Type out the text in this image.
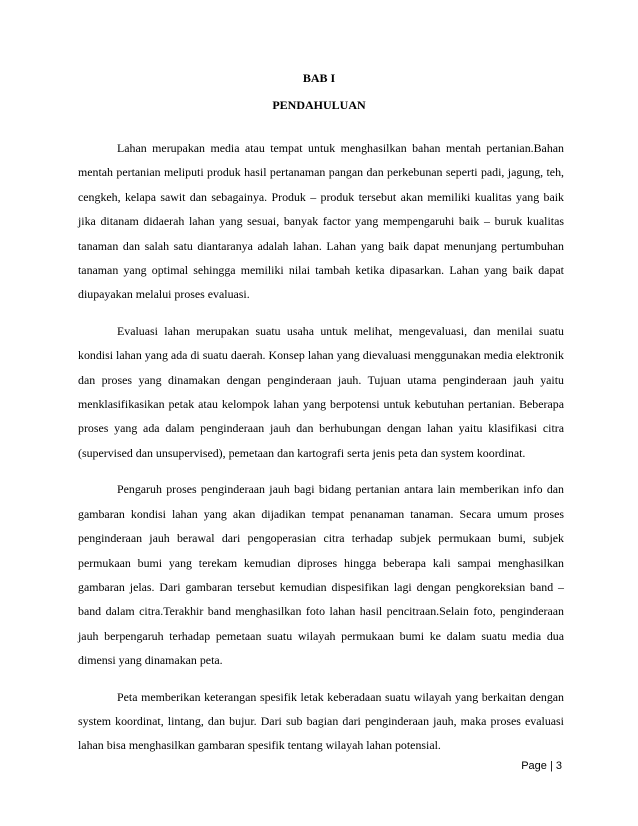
BAB I

PENDAHULUAN

Lahan merupakan media atau tempat untuk menghasilkan bahan mentah pertanian.Bahan mentah pertanian meliputi produk hasil pertanaman pangan dan perkebunan seperti padi, jagung, teh, cengkeh, kelapa sawit dan sebagainya. Produk – produk tersebut akan memiliki kualitas yang baik jika ditanam didaerah lahan yang sesuai, banyak factor yang mempengaruhi baik – buruk kualitas tanaman dan salah satu diantaranya adalah lahan. Lahan yang baik dapat menunjang pertumbuhan tanaman yang optimal sehingga memiliki nilai tambah ketika dipasarkan. Lahan yang baik dapat diupayakan melalui proses evaluasi.

Evaluasi lahan merupakan suatu usaha untuk melihat, mengevaluasi, dan menilai suatu kondisi lahan yang ada di suatu daerah. Konsep lahan yang dievaluasi menggunakan media elektronik dan proses yang dinamakan dengan penginderaan jauh. Tujuan utama penginderaan jauh yaitu menklasifikasikan petak atau kelompok lahan yang berpotensi untuk kebutuhan pertanian. Beberapa proses yang ada dalam penginderaan jauh dan berhubungan dengan lahan yaitu klasifikasi citra (supervised dan unsupervised), pemetaan dan kartografi serta jenis peta dan system koordinat.

Pengaruh proses penginderaan jauh bagi bidang pertanian antara lain memberikan info dan gambaran kondisi lahan yang akan dijadikan tempat penanaman tanaman. Secara umum proses penginderaan jauh berawal dari pengoperasian citra terhadap subjek permukaan bumi, subjek permukaan bumi yang terekam kemudian diproses hingga beberapa kali sampai menghasilkan gambaran jelas. Dari gambaran tersebut kemudian dispesifikan lagi dengan pengkoreksian band – band dalam citra.Terakhir band menghasilkan foto lahan hasil pencitraan.Selain foto, penginderaan jauh berpengaruh terhadap pemetaan suatu wilayah permukaan bumi ke dalam suatu media dua dimensi yang dinamakan peta.

Peta memberikan keterangan spesifik letak keberadaan suatu wilayah yang berkaitan dengan system koordinat, lintang, dan bujur. Dari sub bagian dari penginderaan jauh, maka proses evaluasi lahan bisa menghasilkan gambaran spesifik tentang wilayah lahan potensial.

Page | 3
